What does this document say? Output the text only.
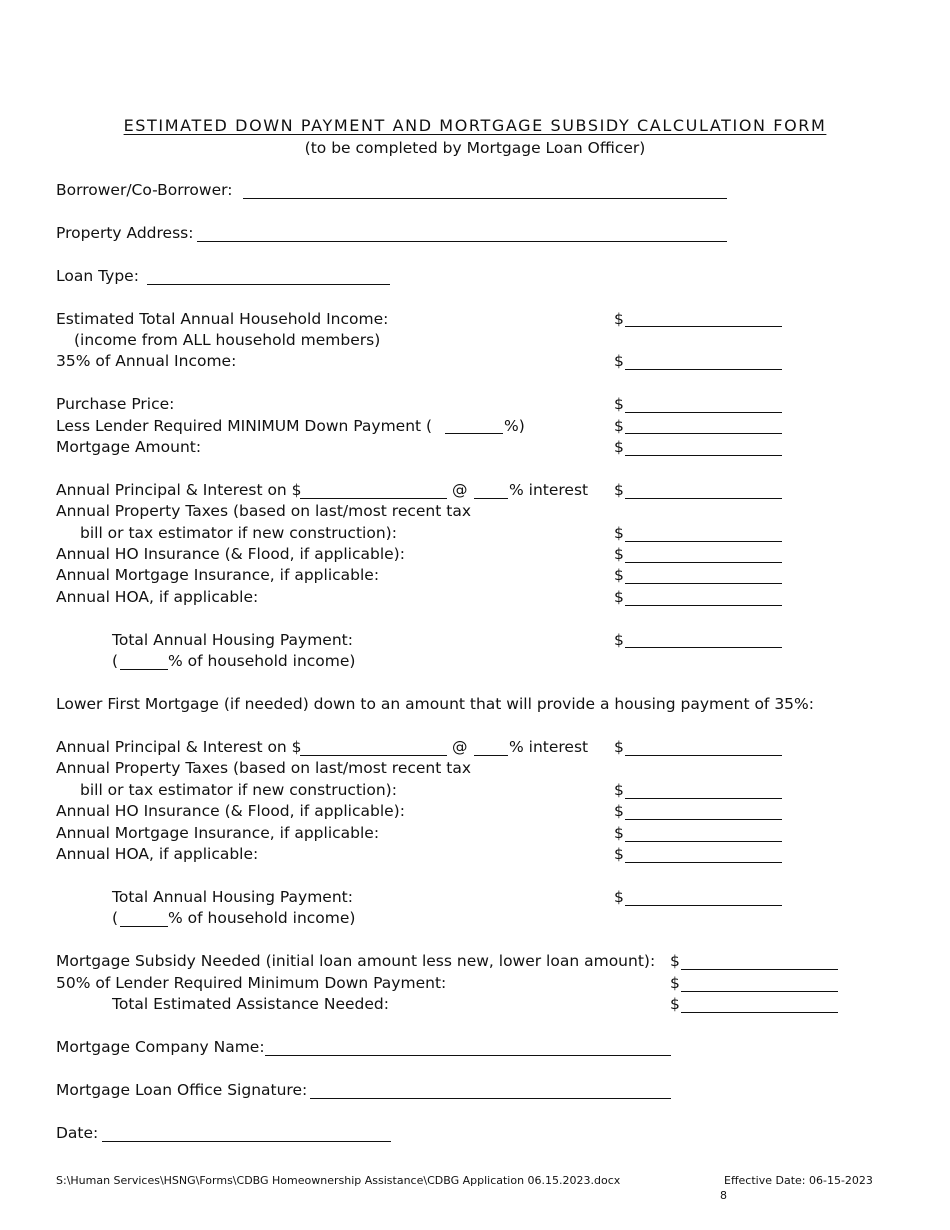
ESTIMATED DOWN PAYMENT AND MORTGAGE SUBSIDY CALCULATION FORM
(to be completed by Mortgage Loan Officer)
Borrower/Co-Borrower:
Property Address:
Loan Type:
Estimated Total Annual Household Income:	$
(income from ALL household members)
35% of Annual Income:	$
Purchase Price:	$
Less Lender Required MINIMUM Down Payment (	%)	$
Mortgage Amount:	$
Annual Principal & Interest on $	@	% interest $
Annual Property Taxes (based on last/most recent tax
bill or tax estimator if new construction):	$
Annual HO Insurance (& Flood, if applicable):	$
Annual Mortgage Insurance, if applicable:	$
Annual HOA, if applicable:	$
Total Annual Housing Payment:	$
(	% of household income)
Lower First Mortgage (if needed) down to an amount that will provide a housing payment of 35%:
Annual Principal & Interest on $	@	% interest $
Annual Property Taxes (based on last/most recent tax
bill or tax estimator if new construction):	$
Annual HO Insurance (& Flood, if applicable):	$
Annual Mortgage Insurance, if applicable:	$
Annual HOA, if applicable:	$
Total Annual Housing Payment:	$
(	% of household income)
Mortgage Subsidy Needed (initial loan amount less new, lower loan amount): $
50% of Lender Required Minimum Down Payment:	$
Total Estimated Assistance Needed:	$
Mortgage Company Name:
Mortgage Loan Office Signature:
Date:
S:\Human Services\HSNG\Forms\CDBG Homeownership Assistance\CDBG Application 06.15.2023.docx	Effective Date: 06-15-2023
8
